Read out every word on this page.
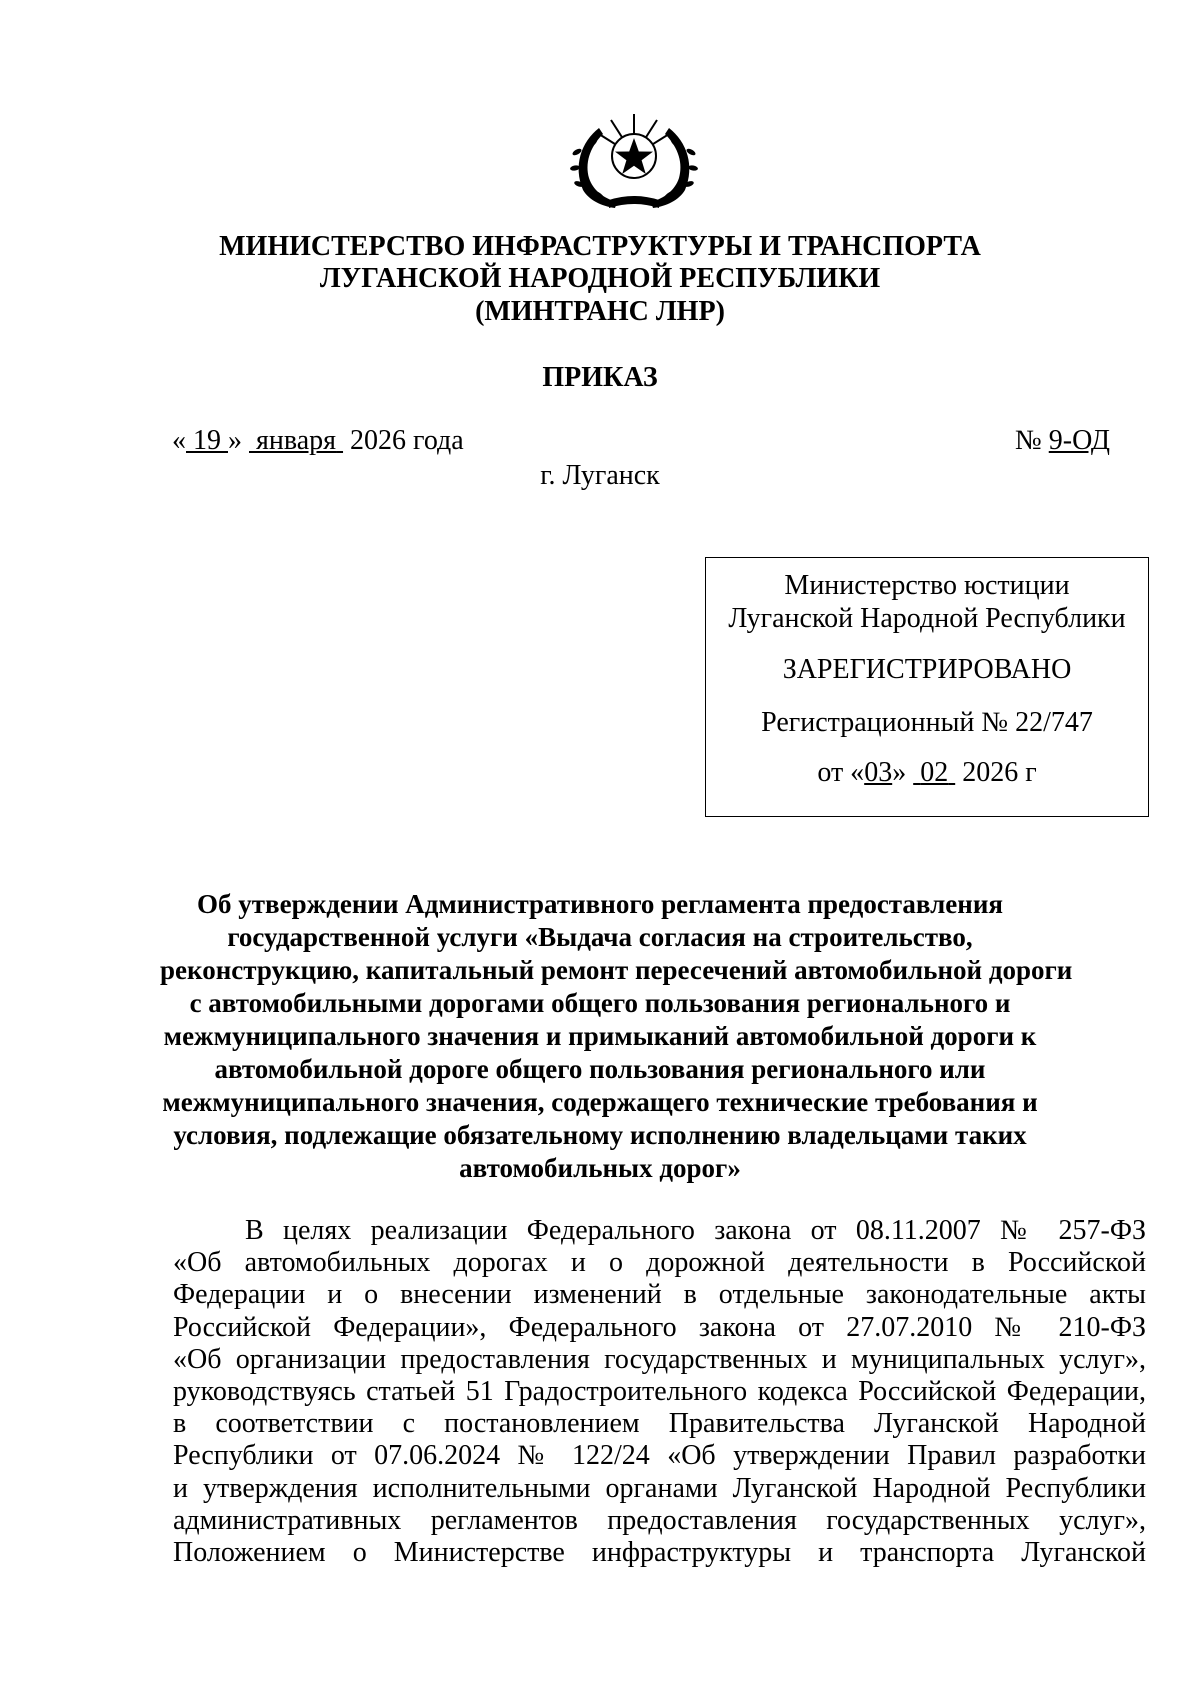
МИНИСТЕРСТВО ИНФРАСТРУКТУРЫ И ТРАНСПОРТА
ЛУГАНСКОЙ НАРОДНОЙ РЕСПУБЛИКИ
(МИНТРАНС ЛНР)
ПРИКАЗ
« 19 » января 2026 года	№ 9-ОД
г. Луганск
Министерство юстиции
Луганской Народной Республики
ЗАРЕГИСТРИРОВАНО
Регистрационный № 22/747
от «03» 02 2026 г
Об утверждении Административного регламента предоставления
государственной услуги «Выдача согласия на строительство,
реконструкцию, капитальный ремонт пересечений автомобильной дороги
с автомобильными дорогами общего пользования регионального и
межмуниципального значения и примыканий автомобильной дороги к
автомобильной дороге общего пользования регионального или
межмуниципального значения, содержащего технические требования и
условия, подлежащие обязательному исполнению владельцами таких
автомобильных дорог»
В целях реализации Федерального закона от 08.11.2007 № 257-ФЗ
«Об автомобильных дорогах и о дорожной деятельности в Российской
Федерации и о внесении изменений в отдельные законодательные акты
Российской Федерации», Федерального закона от 27.07.2010 № 210-ФЗ
«Об организации предоставления государственных и муниципальных услуг»,
руководствуясь статьей 51 Градостроительного кодекса Российской Федерации,
в соответствии с постановлением Правительства Луганской Народной
Республики от 07.06.2024 № 122/24 «Об утверждении Правил разработки
и утверждения исполнительными органами Луганской Народной Республики
административных регламентов предоставления государственных услуг»,
Положением о Министерстве инфраструктуры и транспорта Луганской
